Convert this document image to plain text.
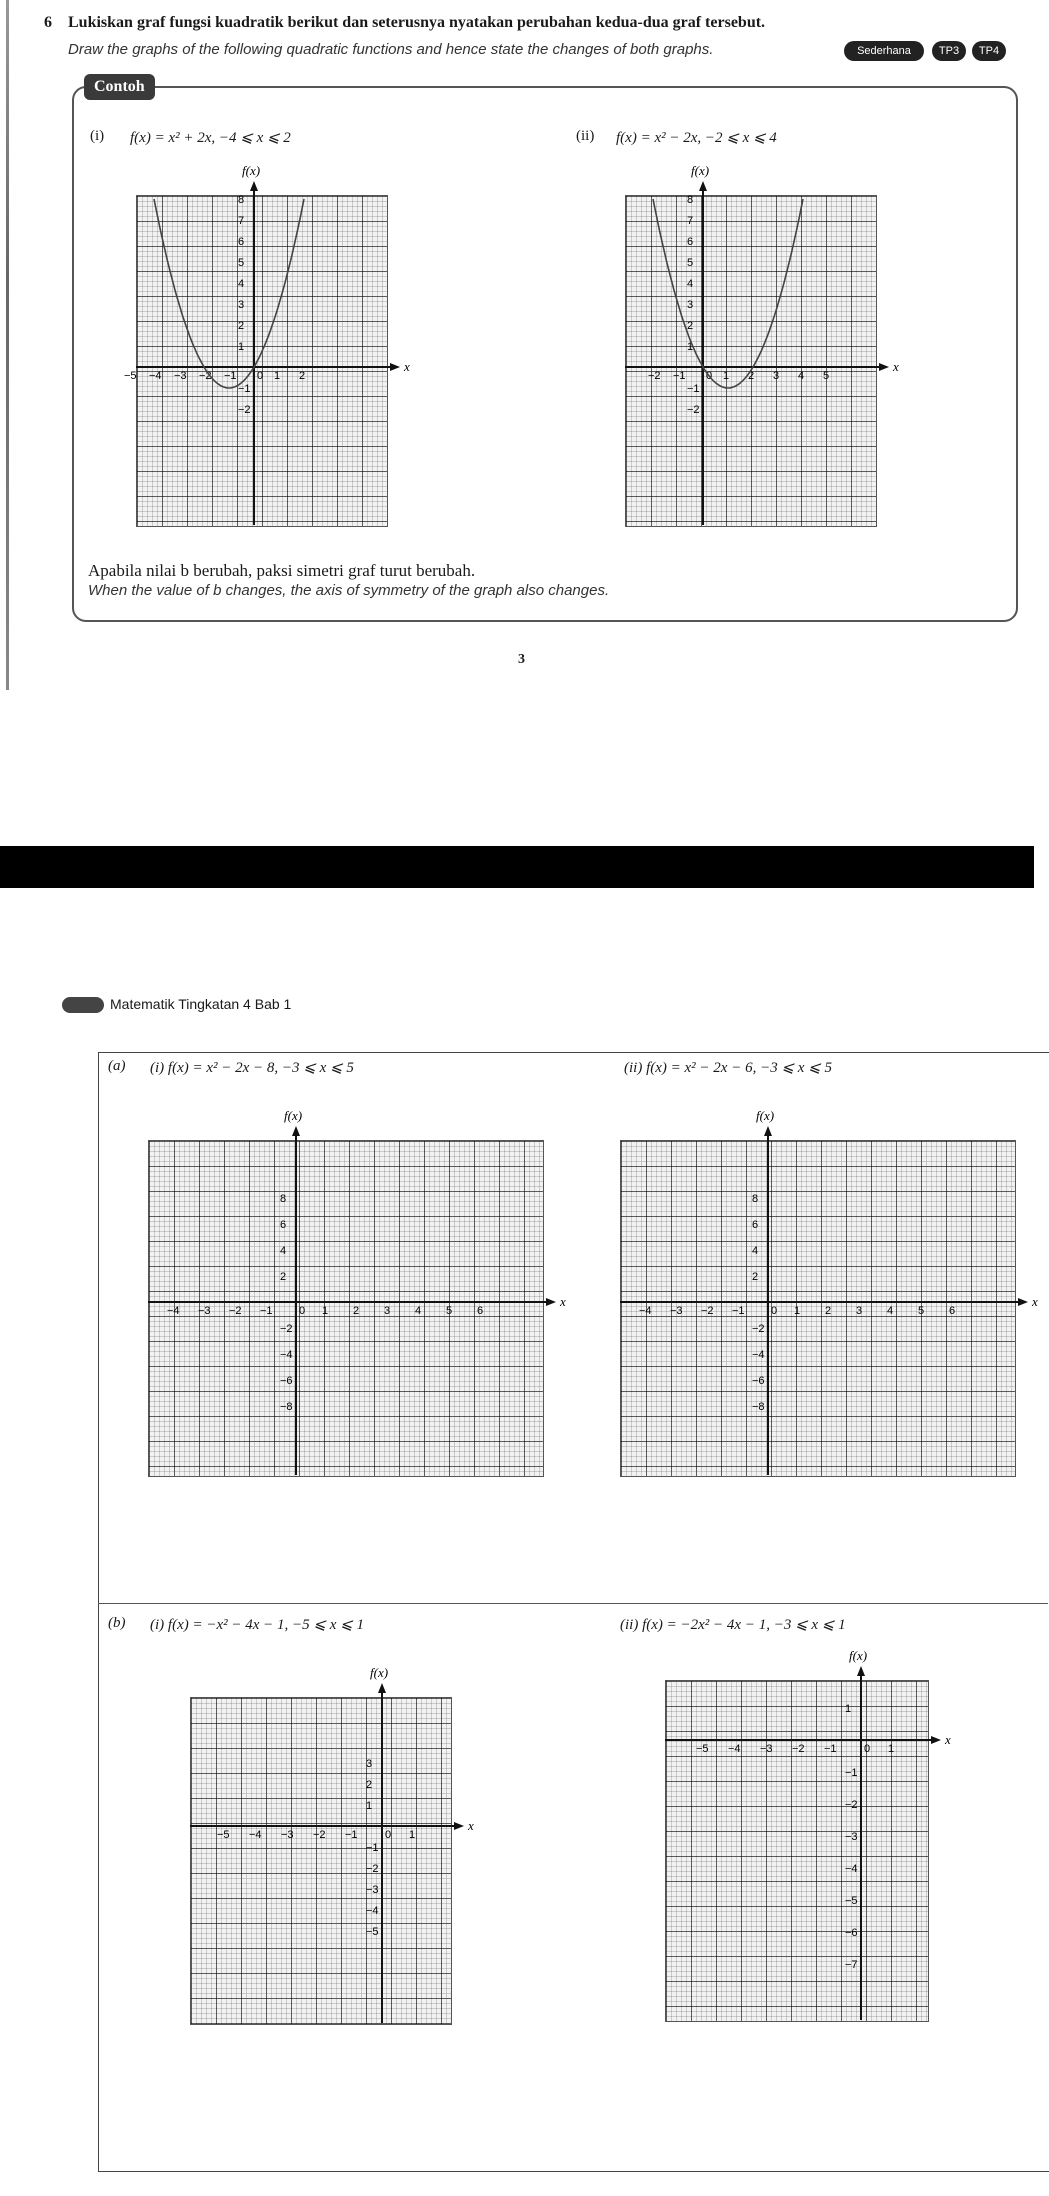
6 Lukiskan graf fungsi kuadratik berikut dan seterusnya nyatakan perubahan kedua-dua graf tersebut.
Draw the graphs of the following quadratic functions and hence state the changes of both graphs.	Sederhana	TP3	TP4
Contoh
(i) f(x) = x² + 2x, −4 ⩽ x ⩽ 2	(ii) f(x) = x² − 2x, −2 ⩽ x ⩽ 4
x
f(x)
−5 −4 −3 −2 −1 0 1 2
8
7
6
5
4
3
2
1
−1
−2
x
f(x)
−2 −1 0 1 2 3 4 5
8
7
6
5
4
3
2
1
−1
−2
Apabila nilai b berubah, paksi simetri graf turut berubah.
When the value of b changes, the axis of symmetry of the graph also changes.
3
Matematik Tingkatan 4 Bab 1
(a) (i) f(x) = x² − 2x − 8, −3 ⩽ x ⩽ 5	(ii) f(x) = x² − 2x − 6, −3 ⩽ x ⩽ 5
x
f(x)
−4 −3 −2 −1 0 1 2 3 4 5 6
8
6
4
2
−2
−4
−6
−8
x
f(x)
−4 −3 −2 −1 0 1 2 3 4 5 6
8
6
4
2
−2
−4
−6
−8
(b) (i) f(x) = −x² − 4x − 1, −5 ⩽ x ⩽ 1	(ii) f(x) = −2x² − 4x − 1, −3 ⩽ x ⩽ 1
x
f(x)
−5 −4 −3 −2 −1 0 1
3
2
1
−1
−2
−3
−4
−5
x
f(x)
−5 −4 −3 −2 −1 0 1
1
−1
−2
−3
−4
−5
−6
−7
